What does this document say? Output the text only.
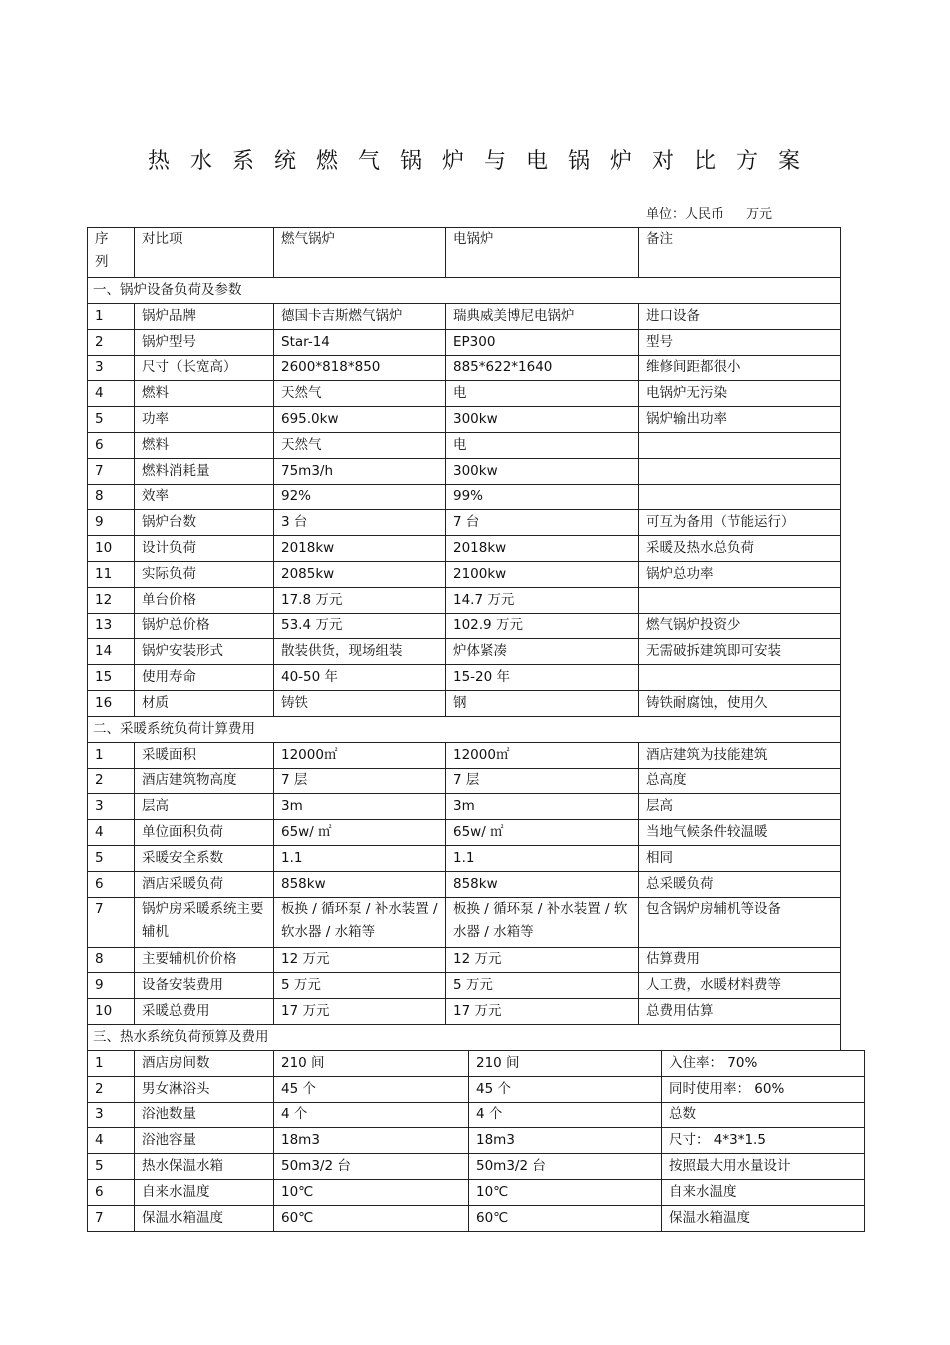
热水系统燃气锅炉与电锅炉对比方案
单位：人民币 万元
序列	对比项	燃气锅炉	电锅炉	备注
一、锅炉设备负荷及参数				
1	锅炉品牌	德国卡吉斯燃气锅炉	瑞典威美博尼电锅炉	进口设备
2	锅炉型号	Star-14	EP300	型号
3	尺寸（长宽高）	2600*818*850	885*622*1640	维修间距都很小
4	燃料	天然气	电	电锅炉无污染
5	功率	695.0kw	300kw	锅炉输出功率
6	燃料	天然气	电	
7	燃料消耗量	75m3/h	300kw	
8	效率	92%	99%	
9	锅炉台数	3 台	7 台	可互为备用（节能运行）
10	设计负荷	2018kw	2018kw	采暖及热水总负荷
11	实际负荷	2085kw	2100kw	锅炉总功率
12	单台价格	17.8 万元	14.7 万元	
13	锅炉总价格	53.4 万元	102.9 万元	燃气锅炉投资少
14	锅炉安装形式	散装供货，现场组装	炉体紧凑	无需破拆建筑即可安装
15	使用寿命	40-50 年	15-20 年	
16	材质	铸铁	钢	铸铁耐腐蚀，使用久
二、采暖系统负荷计算费用				
1	采暖面积	12000㎡	12000㎡	酒店建筑为技能建筑
2	酒店建筑物高度	7 层	7 层	总高度
3	层高	3m	3m	层高
4	单位面积负荷	65w/ ㎡	65w/ ㎡	当地气候条件较温暖
5	采暖安全系数	1.1	1.1	相同
6	酒店采暖负荷	858kw	858kw	总采暖负荷
7	锅炉房采暖系统主要辅机	板换 / 循环泵 / 补水装置 / 软水器 / 水箱等	板换 / 循环泵 / 补水装置 / 软水器 / 水箱等	包含锅炉房辅机等设备
8	主要辅机价价格	12 万元	12 万元	估算费用
9	设备安装费用	5 万元	5 万元	人工费，水暖材料费等
10	采暖总费用	17 万元	17 万元	总费用估算
三、热水系统负荷预算及费用				
1	酒店房间数	210 间	210 间	入住率： 70%
2	男女淋浴头	45 个	45 个	同时使用率： 60%
3	浴池数量	4 个	4 个	总数
4	浴池容量	18m3	18m3	尺寸： 4*3*1.5
5	热水保温水箱	50m3/2 台	50m3/2 台	按照最大用水量设计
6	自来水温度	10℃	10℃	自来水温度
7	保温水箱温度	60℃	60℃	保温水箱温度
